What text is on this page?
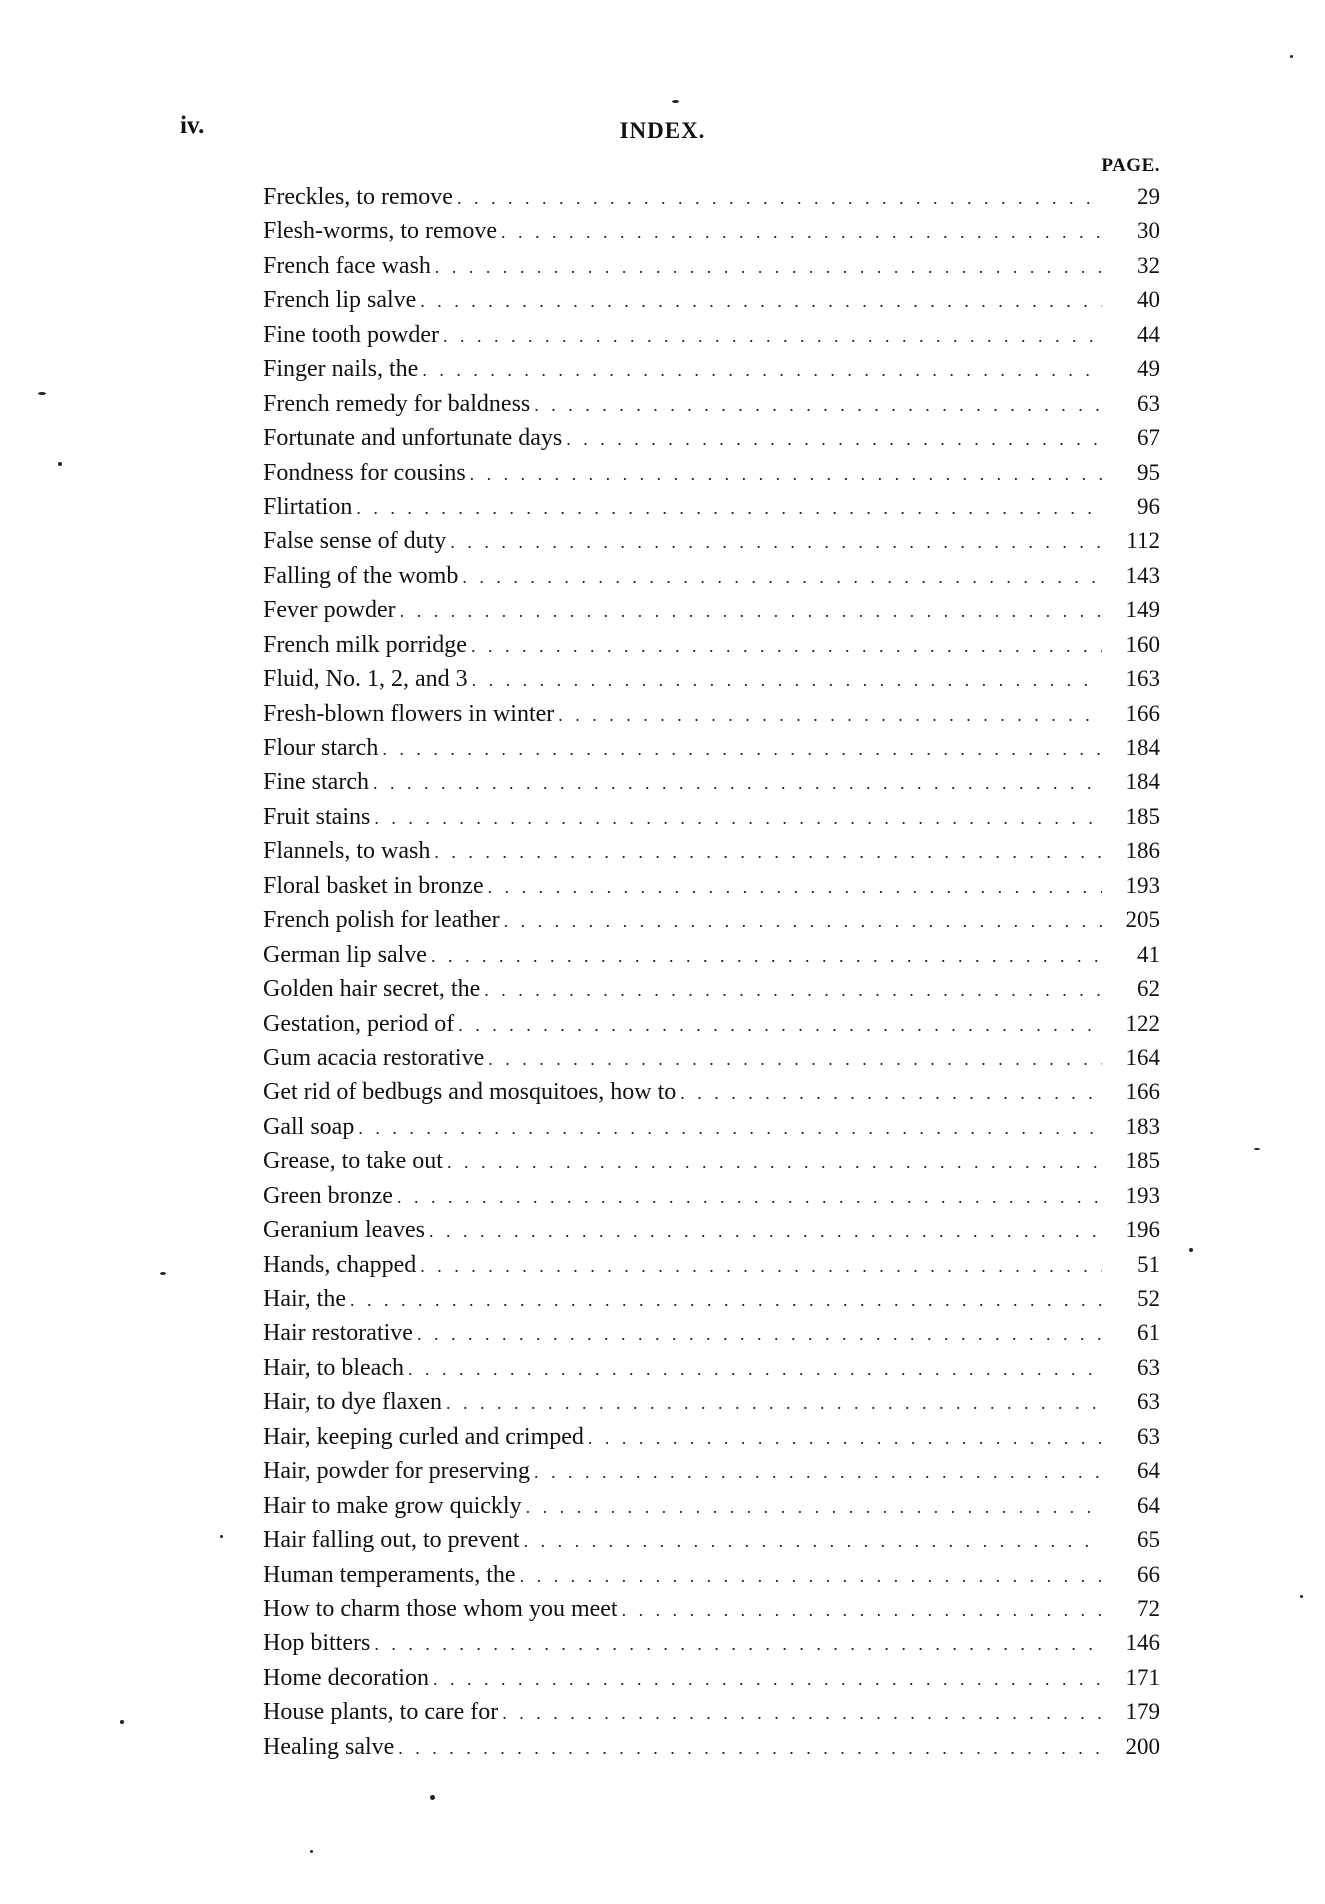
iv.	INDEX.
PAGE.
Freckles, to remove . . .	29
Flesh-worms, to remove . . .	30
French face wash . . .	32
French lip salve . . .	40
Fine tooth powder . . .	44
Finger nails, the . . .	49
French remedy for baldness . . .	63
Fortunate and unfortunate days . . .	67
Fondness for cousins . . .	95
Flirtation . . .	96
False sense of duty . . .	112
Falling of the womb . . .	143
Fever powder . . .	149
French milk porridge . . .	160
Fluid, No. 1, 2, and 3 . . .	163
Fresh-blown flowers in winter . . .	166
Flour starch . . .	184
Fine starch . . .	184
Fruit stains . . .	185
Flannels, to wash . . .	186
Floral basket in bronze . . .	193
French polish for leather . . .	205
German lip salve . . .	41
Golden hair secret, the . . .	62
Gestation, period of . . .	122
Gum acacia restorative . . .	164
Get rid of bedbugs and mosquitoes, how to . . .	166
Gall soap . . .	183
Grease, to take out . . .	185
Green bronze . . .	193
Geranium leaves . . .	196
Hands, chapped . . .	51
Hair, the . . .	52
Hair restorative . . .	61
Hair, to bleach . . .	63
Hair, to dye flaxen . . .	63
Hair, keeping curled and crimped . . .	63
Hair, powder for preserving . . .	64
Hair to make grow quickly . . .	64
Hair falling out, to prevent . . .	65
Human temperaments, the . . .	66
How to charm those whom you meet . . .	72
Hop bitters . . .	146
Home decoration . . .	171
House plants, to care for . . .	179
Healing salve . . .	200
